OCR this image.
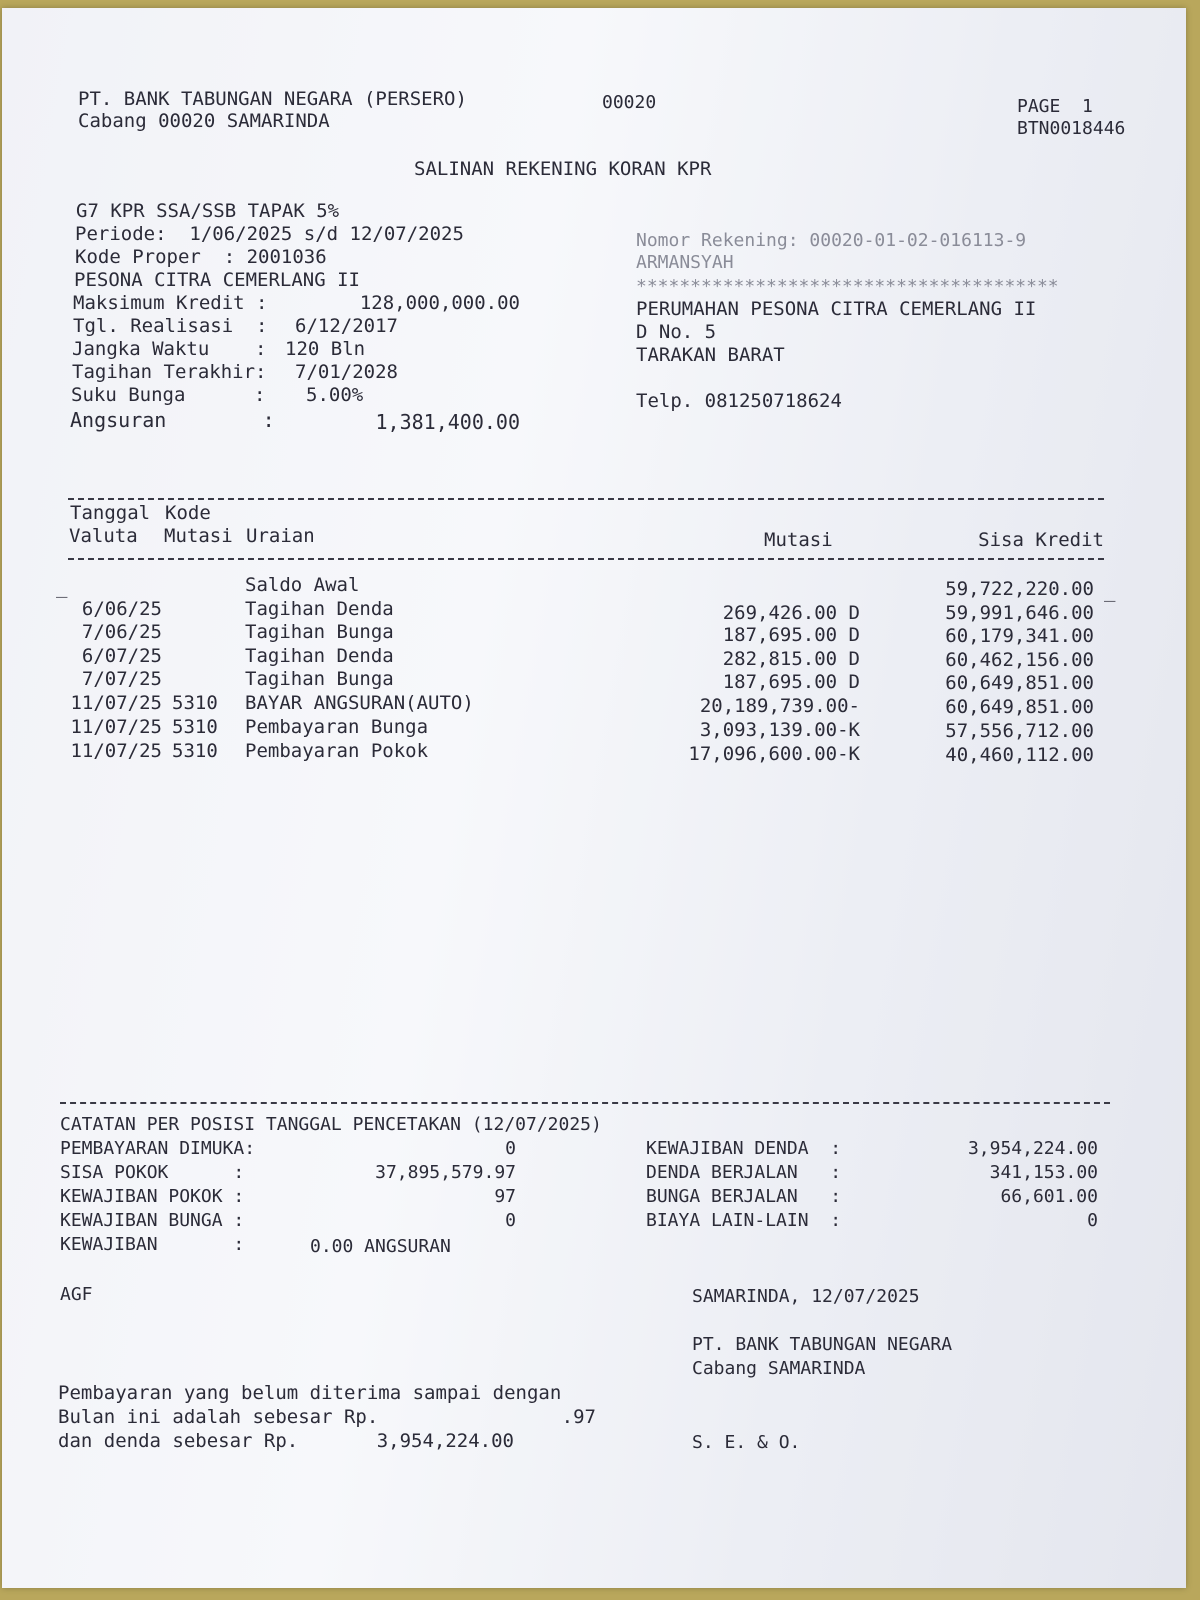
PT. BANK TABUNGAN NEGARA (PERSERO)
Cabang 00020 SAMARINDA
00020	PAGE  1
BTN0018446
SALINAN REKENING KORAN KPR
G7 KPR SSA/SSB TAPAK 5%
Periode:  1/06/2025 s/d 12/07/2025
Kode Proper  : 2001036
PESONA CITRA CEMERLANG II
Maksimum Kredit :	128,000,000.00
Tgl. Realisasi  : 6/12/2017
Jangka Waktu    : 120 Bln
Tagihan Terakhir: 7/01/2028
Suku Bunga      : 5.00%
Angsuran        :	1,381,400.00
Nomor Rekening: 00020-01-02-016113-9
ARMANSYAH
***************************************
PERUMAHAN PESONA CITRA CEMERLANG II
D No. 5
TARAKAN BARAT
Telp. 081250718624
Tanggal Kode
Valuta Mutasi Uraian	Mutasi	Sisa Kredit
_	_
Saldo Awal	59,722,220.00
6/06/25	Tagihan Denda	269,426.00 D	59,991,646.00
7/06/25	Tagihan Bunga	187,695.00 D	60,179,341.00
6/07/25	Tagihan Denda	282,815.00 D	60,462,156.00
7/07/25	Tagihan Bunga	187,695.00 D	60,649,851.00
11/07/25 5310 BAYAR ANGSURAN(AUTO)	20,189,739.00-	60,649,851.00
11/07/25 5310 Pembayaran Bunga	3,093,139.00-K	57,556,712.00
11/07/25 5310 Pembayaran Pokok	17,096,600.00-K	40,460,112.00
CATATAN PER POSISI TANGGAL PENCETAKAN (12/07/2025)
PEMBAYARAN DIMUKA:	0
SISA POKOK      :	37,895,579.97
KEWAJIBAN POKOK :	97
KEWAJIBAN BUNGA :	0
KEWAJIBAN       :	0.00 ANGSURAN
KEWAJIBAN DENDA  :	3,954,224.00
DENDA BERJALAN   :	341,153.00
BUNGA BERJALAN   :	66,601.00
BIAYA LAIN-LAIN  :	0
AGF	SAMARINDA, 12/07/2025
PT. BANK TABUNGAN NEGARA
Cabang SAMARINDA
Pembayaran yang belum diterima sampai dengan
Bulan ini adalah sebesar Rp.	.97
dan denda sebesar Rp.	3,954,224.00	S. E. & O.
